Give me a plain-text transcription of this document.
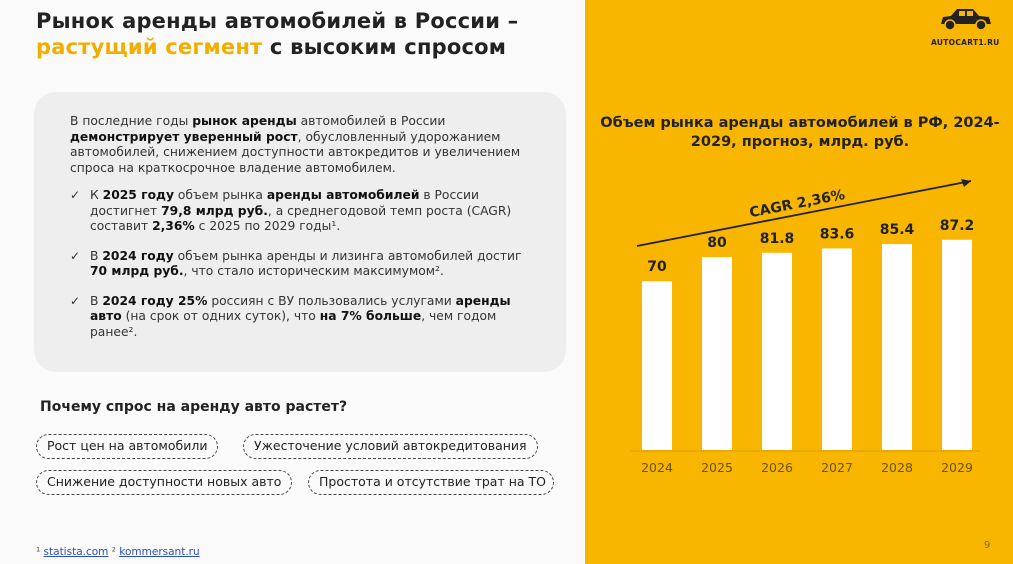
Рынок аренды автомобилей в России –
растущий сегмент с высоким спросом
В последние годы рынок аренды автомобилей в России демонстрирует уверенный рост, обусловленный удорожанием автомобилей, снижением доступности автокредитов и увеличением спроса на краткосрочное владение автомобилем.
✓ К 2025 году объем рынка аренды автомобилей в России достигнет 79,8 млрд руб., а среднегодовой темп роста (CAGR) составит 2,36% с 2025 по 2029 годы¹.
✓ В 2024 году объем рынка аренды и лизинга автомобилей достиг 70 млрд руб., что стало историческим максимумом².
✓ В 2024 году 25% россиян с ВУ пользовались услугами аренды авто (на срок от одних суток), что на 7% больше, чем годом ранее².
Почему спрос на аренду авто растет?
Рост цен на автомобили	Ужесточение условий автокредитования
Снижение доступности новых авто	Простота и отсутствие трат на ТО
¹ statista.com ² kommersant.ru
AUTOCART1.RU
Объем рынка аренды автомобилей в РФ, 2024-2029, прогноз, млрд. руб.
CAGR 2,36%
70
2024
80
2025
81.8
2026
83.6
2027
85.4
2028
87.2
2029
9
